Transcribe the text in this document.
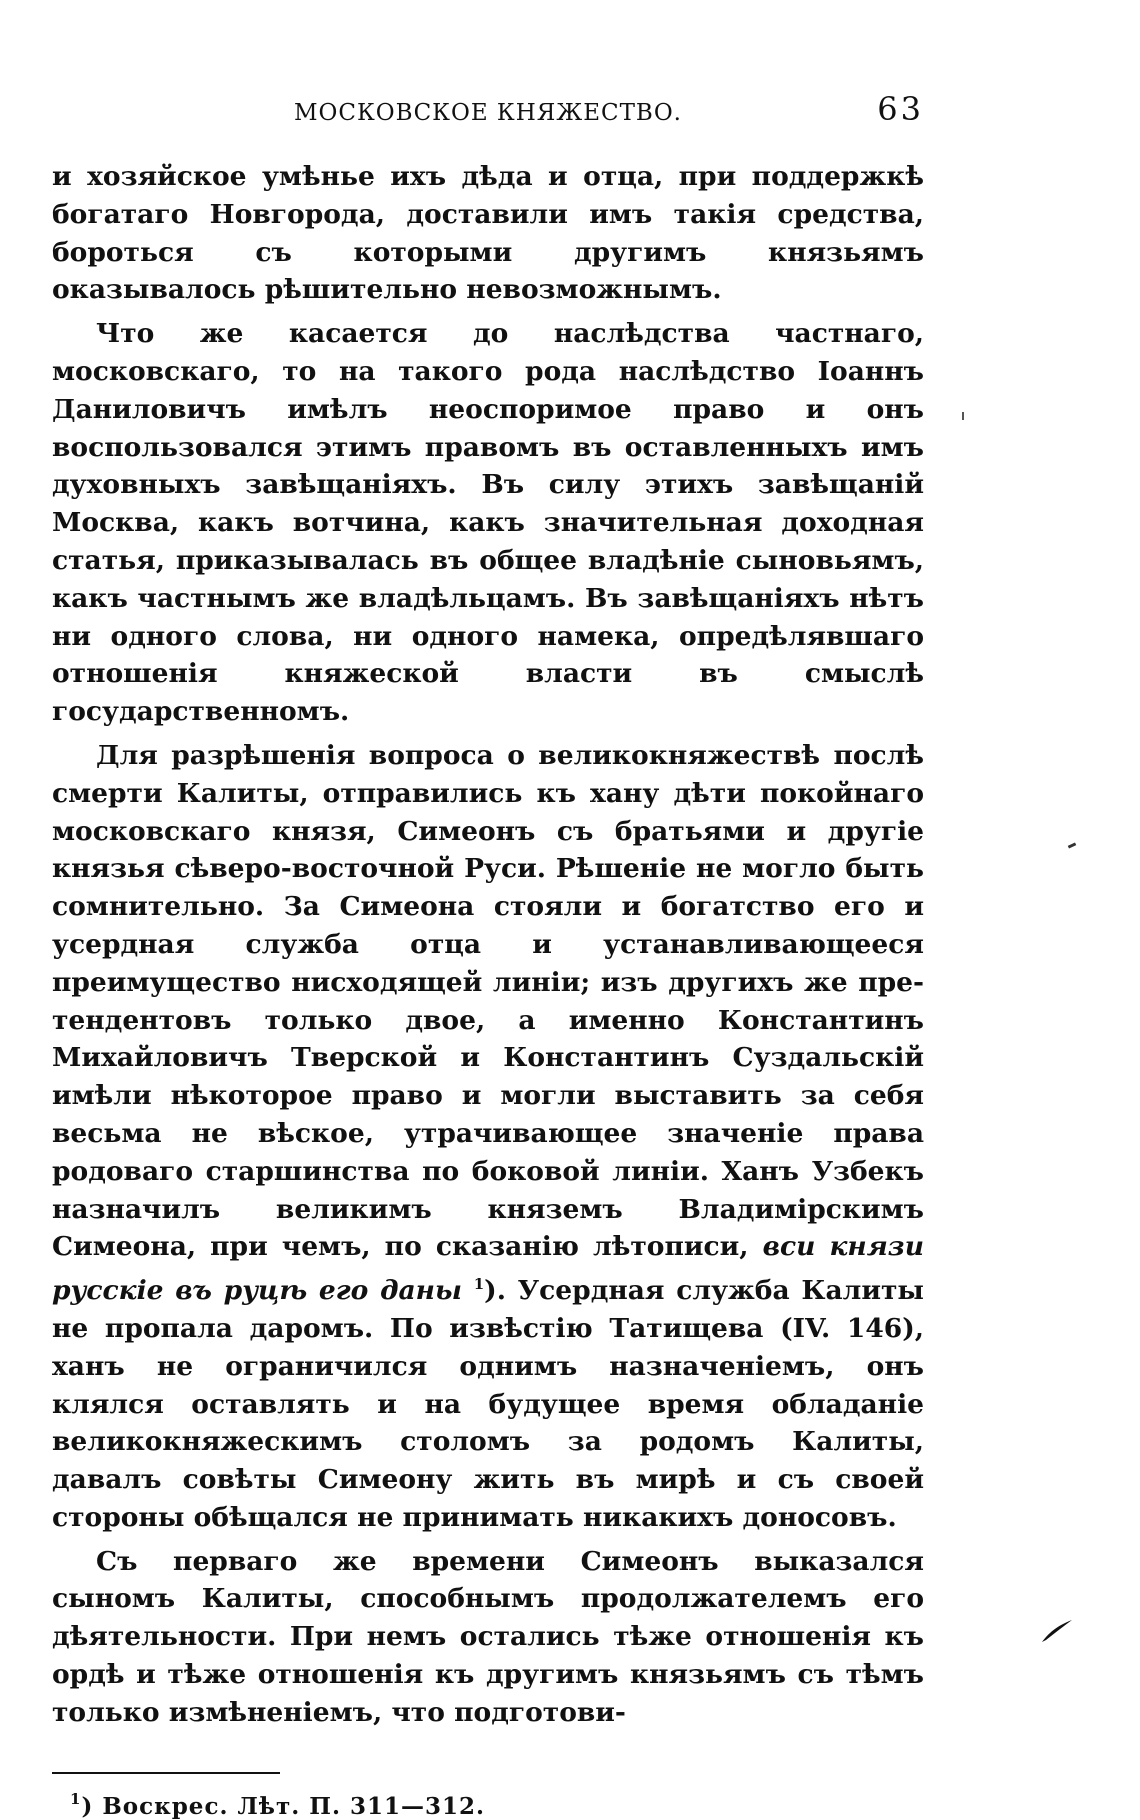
МОСКОВСКОЕ КНЯЖЕСТВО.	63

и хозяйское умѣнье ихъ дѣда и отца, при поддержкѣ богатаго Новгорода, доставили имъ такія средства, бороться съ которыми другимъ князьямъ оказывалось рѣшительно невозможнымъ.

Что же касается до наслѣдства частнаго, московскаго, то на такого рода наслѣдство Іоаннъ Даниловичъ имѣлъ неоспоримое право и онъ воспользовался этимъ правомъ въ оставленныхъ имъ духовныхъ завѣщаніяхъ. Въ силу этихъ завѣщаній Москва, какъ вотчина, какъ значительная доходная статья, приказывалась въ общее владѣніе сыновьямъ, какъ частнымъ же владѣльцамъ. Въ завѣщаніяхъ нѣтъ ни одного слова, ни одного намека, опредѣлявшаго отношенія княжеской власти въ смыслѣ государственномъ.

Для разрѣшенія вопроса о великокняжествѣ послѣ смерти Калиты, отправились къ хану дѣти покойнаго московскаго князя, Симеонъ съ братьями и другіе князья сѣверо-восточной Руси. Рѣшеніе не могло быть сомнительно. За Симеона стояли и богатство его и усердная служба отца и устанавливающееся преимущество нисходящей линіи; изъ другихъ же претендентовъ только двое, а именно Константинъ Михайловичъ Тверской и Константинъ Суздальскій имѣли нѣкоторое право и могли выставить за себя весьма не вѣское, утрачивающее значеніе права родоваго старшинства по боковой линіи. Ханъ Узбекъ назначилъ великимъ княземъ Владимірскимъ Симеона, при чемъ, по сказанію лѣтописи, вси князи русскіе въ руцѣ его даны $^1$). Усердная служба Калиты не пропала даромъ. По извѣстію Татищева (IV. 146), ханъ не ограничился однимъ назначеніемъ, онъ клялся оставлять и на будущее время обладаніе великокняжескимъ столомъ за родомъ Калиты, давалъ совѣты Симеону жить въ мирѣ и съ своей стороны обѣщался не принимать никакихъ доносовъ.

Съ перваго же времени Симеонъ выказался сыномъ Калиты, способнымъ продолжателемъ его дѣятельности. При немъ остались тѣже отношенія къ ордѣ и тѣже отношенія къ другимъ князьямъ съ тѣмъ только измѣненіемъ, что подготови-

$^1$) Воскрес. Лѣт. П. 311—312.
